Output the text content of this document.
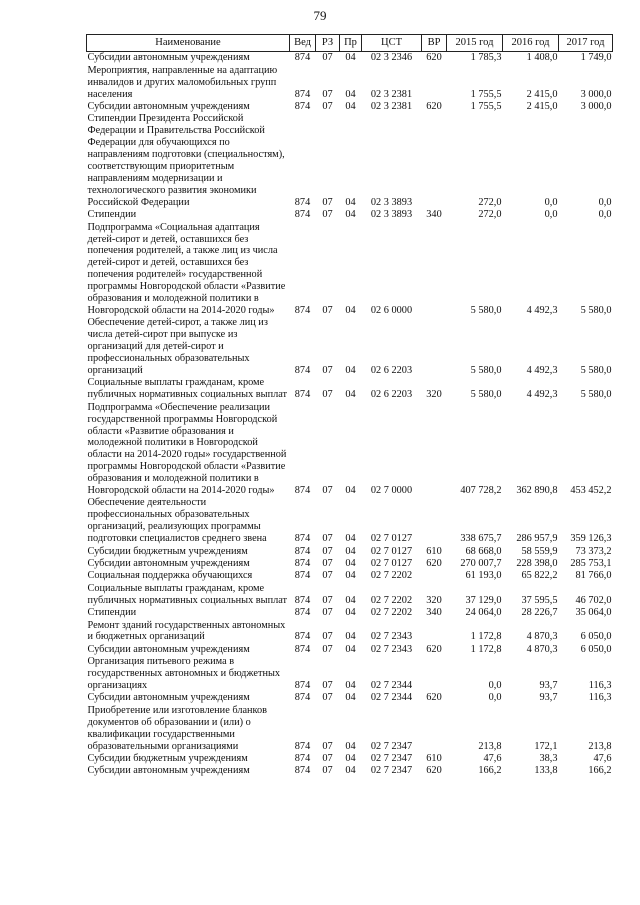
79
Наименование	Вед	РЗ	Пр	ЦСТ	ВР	2015 год	2016 год	2017 год
Субсидии автономным учреждениям	874	07	04	02 3 2346	620	1 785,3	1 408,0	1 749,0
Мероприятия, направленные на адаптацию инвалидов и других маломобильных групп населения	874	07	04	02 3 2381		1 755,5	2 415,0	3 000,0
Субсидии автономным учреждениям	874	07	04	02 3 2381	620	1 755,5	2 415,0	3 000,0
Стипендии Президента Российской Федерации и Правительства Российской Федерации для обучающихся по направлениям подготовки (специальностям), соответствующим приоритетным направлениям модернизации и технологического развития экономики Российской Федерации	874	07	04	02 3 3893		272,0	0,0	0,0
Стипендии	874	07	04	02 3 3893	340	272,0	0,0	0,0
Подпрограмма «Социальная адаптация детей-сирот и детей, оставшихся без попечения родителей, а также лиц из числа детей-сирот и детей, оставшихся без попечения родителей» государственной программы Новгородской области «Развитие образования и молодежной политики в Новгородской области на 2014-2020 годы»	874	07	04	02 6 0000		5 580,0	4 492,3	5 580,0
Обеспечение детей-сирот, а также лиц из числа детей-сирот при выпуске из организаций для детей-сирот и профессиональных образовательных организаций	874	07	04	02 6 2203		5 580,0	4 492,3	5 580,0
Социальные выплаты гражданам, кроме публичных нормативных социальных выплат	874	07	04	02 6 2203	320	5 580,0	4 492,3	5 580,0
Подпрограмма «Обеспечение реализации государственной программы Новгородской области «Развитие образования и молодежной политики в Новгородской области на 2014-2020 годы» государственной программы Новгородской области «Развитие образования и молодежной политики в Новгородской области на 2014-2020 годы»	874	07	04	02 7 0000		407 728,2	362 890,8	453 452,2
Обеспечение деятельности профессиональных образовательных организаций, реализующих программы подготовки специалистов среднего звена	874	07	04	02 7 0127		338 675,7	286 957,9	359 126,3
Субсидии бюджетным учреждениям	874	07	04	02 7 0127	610	68 668,0	58 559,9	73 373,2
Субсидии автономным учреждениям	874	07	04	02 7 0127	620	270 007,7	228 398,0	285 753,1
Социальная поддержка обучающихся	874	07	04	02 7 2202		61 193,0	65 822,2	81 766,0
Социальные выплаты гражданам, кроме публичных нормативных социальных выплат	874	07	04	02 7 2202	320	37 129,0	37 595,5	46 702,0
Стипендии	874	07	04	02 7 2202	340	24 064,0	28 226,7	35 064,0
Ремонт зданий государственных автономных и бюджетных организаций	874	07	04	02 7 2343		1 172,8	4 870,3	6 050,0
Субсидии автономным учреждениям	874	07	04	02 7 2343	620	1 172,8	4 870,3	6 050,0
Организация питьевого режима в государственных автономных и бюджетных организациях	874	07	04	02 7 2344		0,0	93,7	116,3
Субсидии автономным учреждениям	874	07	04	02 7 2344	620	0,0	93,7	116,3
Приобретение или изготовление бланков документов об образовании и (или) о квалификации государственными образовательными организациями	874	07	04	02 7 2347		213,8	172,1	213,8
Субсидии бюджетным учреждениям	874	07	04	02 7 2347	610	47,6	38,3	47,6
Субсидии автономным учреждениям	874	07	04	02 7 2347	620	166,2	133,8	166,2
